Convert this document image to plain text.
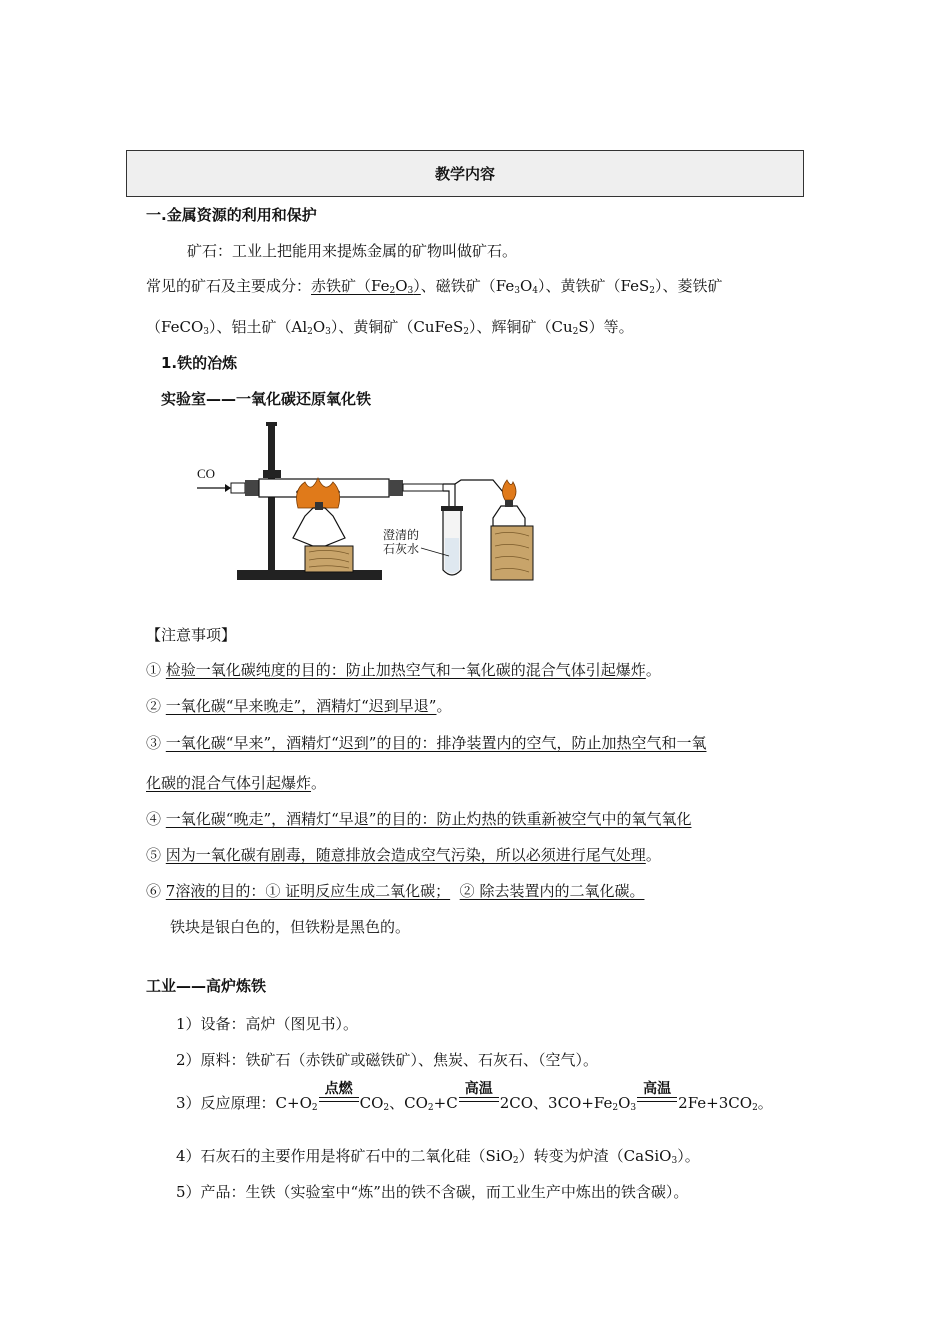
教学内容
一.金属资源的利用和保护
矿石：工业上把能用来提炼金属的矿物叫做矿石。
常见的矿石及主要成分：赤铁矿$(Fe_2O_3)$、磁铁矿$(Fe_3O_4)$、黄铁矿（FeS$_2$）、菱铁矿
（FeCO$_3$）、铝土矿$(Al_2O_3)$、黄铜矿（CuFeS$_2$）、辉铜矿$(Cu_2S)$等。
1.铁的冶炼
实验室——一氧化碳还原氧化铁
CO
澄清的
石灰水
【注意事项】
① 检验一氧化碳纯度的目的：防止加热空气和一氧化碳的混合气体引起爆炸。
② 一氧化碳“早来晚走”，酒精灯“迟到早退”。
③ 一氧化碳“早来”，酒精灯“迟到”的目的：排净装置内的空气，防止加热空气和一氧
化碳的混合气体引起爆炸。
④ 一氧化碳“晚走”，酒精灯“早退”的目的：防止灼热的铁重新被空气中的氧气氧化
⑤ 因为一氧化碳有剧毒，随意排放会造成空气污染，所以必须进行尾气处理。
⑥ 7溶液的目的：① 证明反应生成二氧化碳； ② 除去装置内的二氧化碳。
铁块是银白色的，但铁粉是黑色的。
工业——高炉炼铁
1）设备：高炉（图见书）。
2）原料：铁矿石（赤铁矿或磁铁矿）、焦炭、石灰石、（空气）。
3）反应原理：$C+O_2$
点燃
$CO_2$、$CO_2+C$
高温
2CO、$3CO+Fe_2O_3$
高温
$2Fe+3CO_2$。
4）石灰石的主要作用是将矿石中的二氧化硅（SiO$_2$）转变为炉渣（CaSiO$_3$）。
5）产品：生铁（实验室中“炼”出的铁不含碳，而工业生产中炼出的铁含碳）。
